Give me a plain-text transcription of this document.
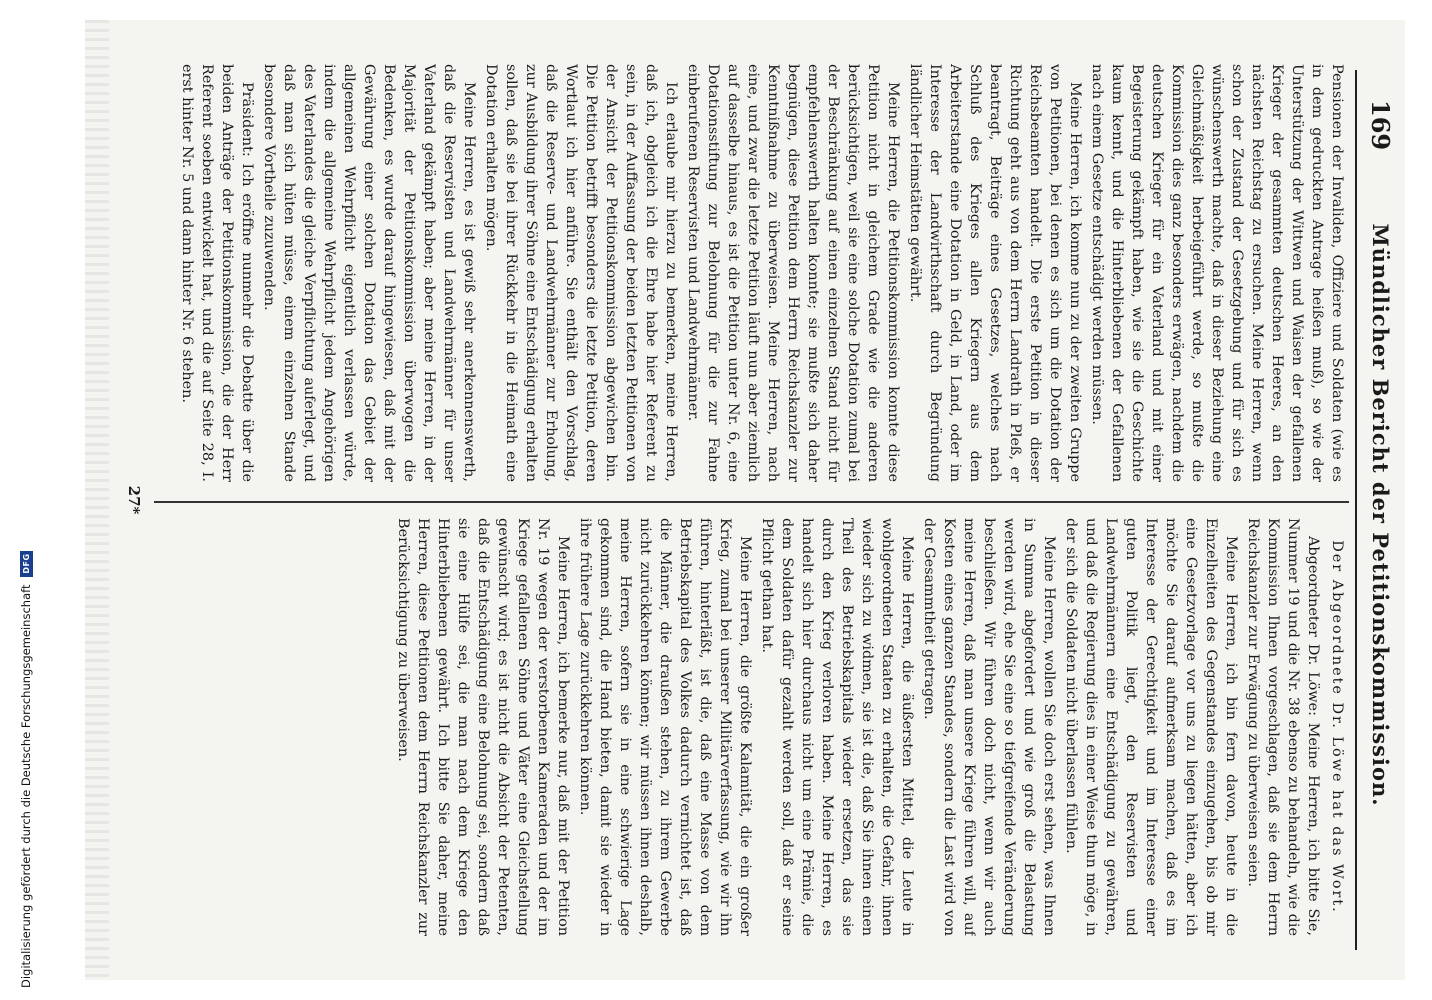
169
Mündlicher Bericht der Petitionskommission.

Pensionen der Invaliden, Offiziere und Soldaten (wie es in dem gedruckten Antrage heißen muß), so wie der Unterstützung der Wittwen und Waisen der gefallenen Krieger der gesammten deutschen Heeres, an den nächsten Reichstag zu ersuchen. Meine Herren, wenn schon der Zustand der Gesetzgebung und für sich es wünschenswerth machte, daß in dieser Beziehung eine Gleichmäßigkeit herbeigeführt werde, so mußte die Kommission dies ganz besonders erwägen, nachdem die deutschen Krieger für ein Vaterland und mit einer Begeisterung gekämpft haben, wie sie die Geschichte kaum kennt, und die Hinterbliebenen der Gefallenen nach einem Gesetze entschädigt werden müssen.

Meine Herren, ich komme nun zu der zweiten Gruppe von Petitionen, bei denen es sich um die Dotation der Reichsbeamten handelt. Die erste Petition in dieser Richtung geht aus von dem Herrn Landrath in Pleß, er beantragt, Beiträge eines Gesetzes, welches nach Schluß des Krieges allen Kriegern aus dem Arbeiterstande eine Dotation in Geld, in Land, oder im Interesse der Landwirthschaft durch Begründung ländlicher Heimstätten gewährt.

Meine Herren, die Petitionskommission konnte diese Petition nicht in gleichem Grade wie die anderen berücksichtigen, weil sie eine solche Dotation zumal bei der Beschränkung auf einen einzelnen Stand nicht für empfehlenswerth halten konnte; sie mußte sich daher begnügen, diese Petition dem Herrn Reichskanzler zur Kenntnißnahme zu überweisen. Meine Herren, nach eine, und zwar die letzte Petition läuft nun aber ziemlich auf dasselbe hinaus, es ist die Petition unter Nr. 6, eine Dotationsstiftung zur Belohnung für die zur Fahne einberufenen Reservisten und Landwehrmänner.

Ich erlaube mir hierzu zu bemerken, meine Herren, daß ich, obgleich ich die Ehre habe hier Referent zu sein, in der Auffassung der beiden letzten Petitionen von der Ansicht der Petitionskommission abgewichen bin. Die Petition betrifft besonders die letzte Petition, deren Wortlaut ich hier anführe. Sie enthält den Vorschlag, daß die Reserve- und Landwehrmänner zur Erholung, zur Ausbildung ihrer Söhne eine Entschädigung erhalten sollen, daß sie bei ihrer Rückkehr in die Heimath eine Dotation erhalten mögen.

Meine Herren, es ist gewiß sehr anerkennenswerth, daß die Reservisten und Landwehrmänner für unser Vaterland gekämpft haben; aber meine Herren, in der Majorität der Petitionskommission überwogen die Bedenken, es wurde darauf hingewiesen, daß mit der Gewährung einer solchen Dotation das Gebiet der allgemeinen Wehrpflicht eigentlich verlassen würde, indem die allgemeine Wehrpflicht jedem Angehörigen des Vaterlandes die gleiche Verpflichtung auferlegt, und daß man sich hüten müsse, einem einzelnen Stande besondere Vortheile zuzuwenden.

Präsident: Ich eröffne nunmehr die Debatte über die beiden Anträge der Petitionskommission, die der Herr Referent soeben entwickelt hat, und die auf Seite 28, I. erst hinter Nr. 5 und dann hinter Nr. 6 stehen.

Der Abgeordnete Dr. Löwe hat das Wort.

Abgeordneter Dr. Löwe: Meine Herren, ich bitte Sie, Nummer 19 und die Nr. 38 ebenso zu behandeln, wie die Kommission Ihnen vorgeschlagen, daß sie dem Herrn Reichskanzler zur Erwägung zu überweisen seien.

Meine Herren, ich bin fern davon, heute in die Einzelheiten des Gegenstandes einzugehen, bis ob mir eine Gesetzvorlage vor uns zu liegen hätten, aber ich möchte Sie darauf aufmerksam machen, daß es im Interesse der Gerechtigkeit und im Interesse einer guten Politik liegt, den Reservisten und Landwehrmännern eine Entschädigung zu gewähren, und daß die Regierung dies in einer Weise thun möge, in der sich die Soldaten nicht überlassen fühlen.

Meine Herren, wollen Sie doch erst sehen, was Ihnen in Summa abgefordert und wie groß die Belastung werden wird, ehe Sie eine so tiefgreifende Veränderung beschließen. Wir führen doch nicht, wenn wir auch meine Herren, daß man unsere Kriege führen will, auf Kosten eines ganzen Standes, sondern die Last wird von der Gesammtheit getragen.

Meine Herren, die äußersten Mittel, die Leute in wohlgeordneten Staaten zu erhalten, die Gefahr, ihnen wieder sich zu widmen, sie ist die, daß Sie ihnen einen Theil des Betriebskapitals wieder ersetzen, das sie durch den Krieg verloren haben. Meine Herren, es handelt sich hier durchaus nicht um eine Prämie, die dem Soldaten dafür gezahlt werden soll, daß er seine Pflicht gethan hat.

Meine Herren, die größte Kalamität, die ein großer Krieg, zumal bei unserer Militärverfassung, wie wir ihn führen, hinterläßt, ist die, daß eine Masse von dem Betriebskapital des Volkes dadurch vernichtet ist, daß die Männer, die draußen stehen, zu ihrem Gewerbe nicht zurückkehren können; wir müssen ihnen deshalb, meine Herren, sofern sie in eine schwierige Lage gekommen sind, die Hand bieten, damit sie wieder in ihre frühere Lage zurückkehren können.

Meine Herren, ich bemerke nur, daß mit der Petition Nr. 19 wegen der verstorbenen Kameraden und der im Kriege gefallenen Söhne und Väter eine Gleichstellung gewünscht wird; es ist nicht die Absicht der Petenten, daß die Entschädigung eine Belohnung sei, sondern daß sie eine Hülfe sei, die man nach dem Kriege den Hinterbliebenen gewährt. Ich bitte Sie daher, meine Herren, diese Petitionen dem Herrn Reichskanzler zur Berücksichtigung zu überweisen.

27*
Digitalisierung gefördert durch die Deutsche Forschungsgemeinschaft
DFG
